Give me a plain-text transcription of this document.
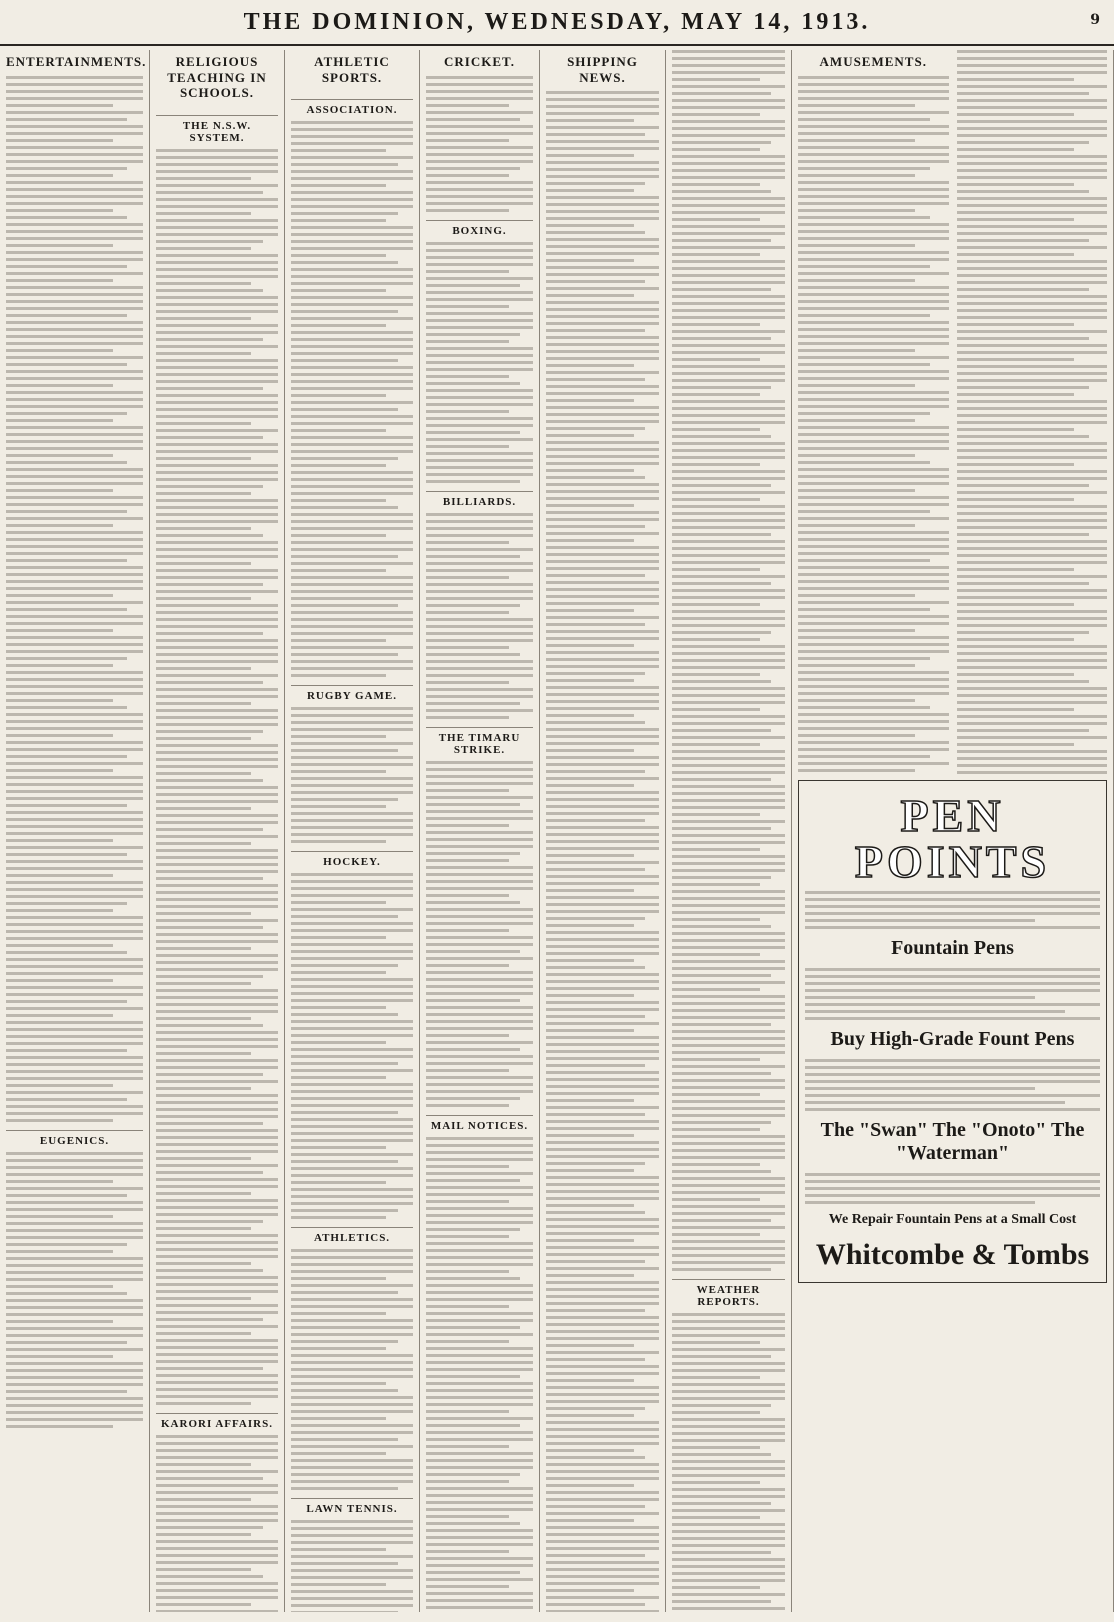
THE DOMINION, WEDNESDAY, MAY 14, 1913.	9
ENTERTAINMENTS.
EUGENICS.
RELIGIOUS TEACHING IN SCHOOLS.
THE N.S.W. SYSTEM.
KARORI AFFAIRS.
ATHLETIC SPORTS.
ASSOCIATION.
RUGBY GAME.
HOCKEY.
ATHLETICS.
LAWN TENNIS.
CRICKET.
BOXING.
BILLIARDS.
THE TIMARU STRIKE.
MAIL NOTICES.
SHIPPING NEWS.
WEATHER REPORTS.
AMUSEMENTS.
PEN POINTS
Fountain Pens
Buy High-Grade Fount Pens
The "Swan" The "Onoto" The "Waterman"
We Repair Fountain Pens at a Small Cost
Whitcombe & Tombs
